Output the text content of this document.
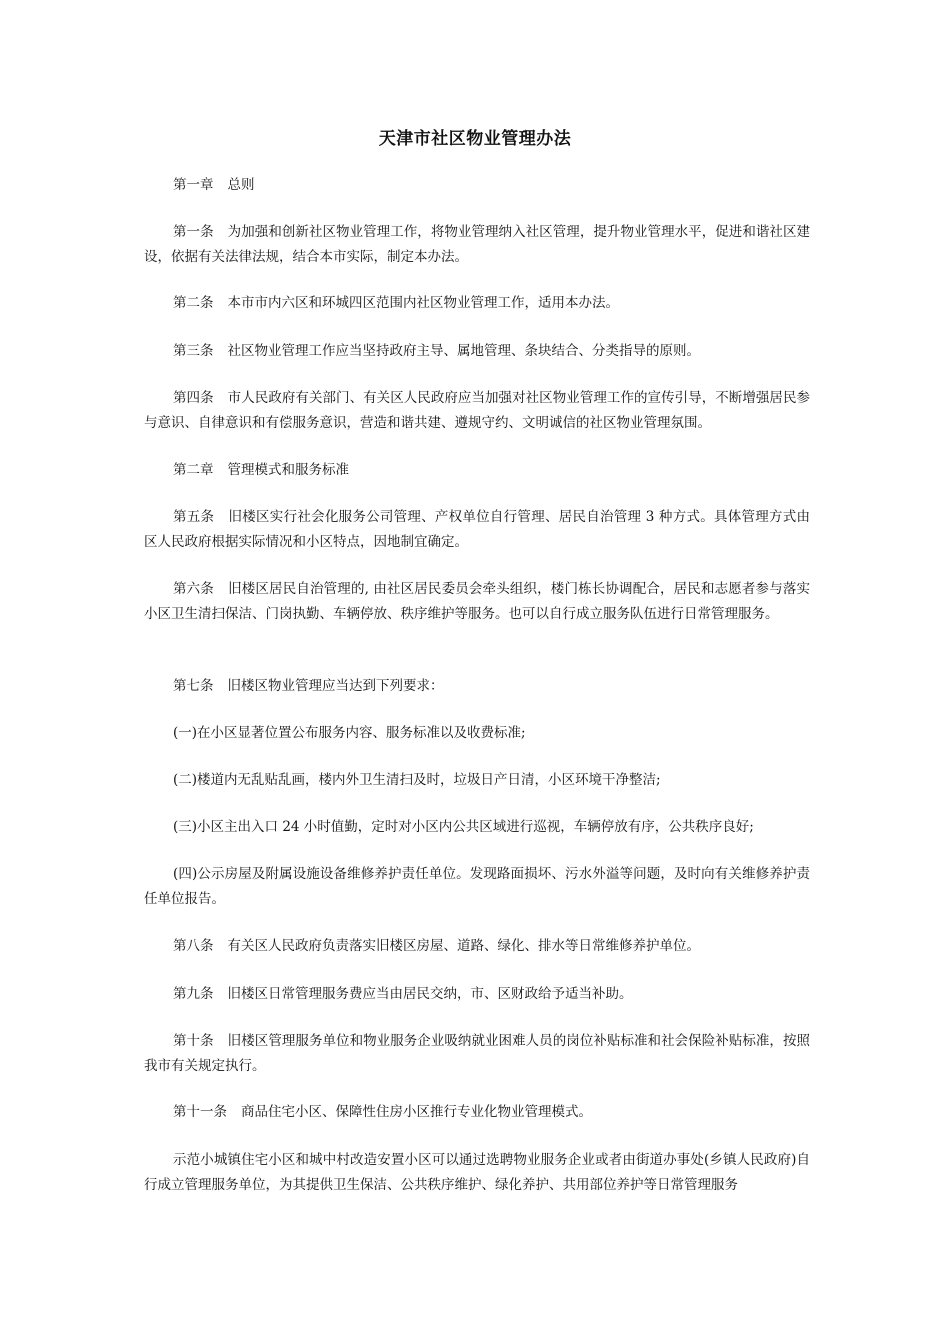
天津市社区物业管理办法

第一章 总则

第一条 为加强和创新社区物业管理工作，将物业管理纳入社区管理，提升物业管理水平，促进和谐社区建设，依据有关法律法规，结合本市实际，制定本办法。

第二条 本市市内六区和环城四区范围内社区物业管理工作，适用本办法。

第三条 社区物业管理工作应当坚持政府主导、属地管理、条块结合、分类指导的原则。

第四条 市人民政府有关部门、有关区人民政府应当加强对社区物业管理工作的宣传引导，不断增强居民参与意识、自律意识和有偿服务意识，营造和谐共建、遵规守约、文明诚信的社区物业管理氛围。

第二章 管理模式和服务标准

第五条 旧楼区实行社会化服务公司管理、产权单位自行管理、居民自治管理 3 种方式。具体管理方式由区人民政府根据实际情况和小区特点，因地制宜确定。

第六条 旧楼区居民自治管理的, 由社区居民委员会牵头组织，楼门栋长协调配合，居民和志愿者参与落实小区卫生清扫保洁、门岗执勤、车辆停放、秩序维护等服务。也可以自行成立服务队伍进行日常管理服务。

第七条 旧楼区物业管理应当达到下列要求：

(一)在小区显著位置公布服务内容、服务标准以及收费标准;

(二)楼道内无乱贴乱画，楼内外卫生清扫及时，垃圾日产日清，小区环境干净整洁;

(三)小区主出入口 24 小时值勤，定时对小区内公共区域进行巡视，车辆停放有序，公共秩序良好;

(四)公示房屋及附属设施设备维修养护责任单位。发现路面损坏、污水外溢等问题，及时向有关维修养护责任单位报告。

第八条 有关区人民政府负责落实旧楼区房屋、道路、绿化、排水等日常维修养护单位。

第九条 旧楼区日常管理服务费应当由居民交纳，市、区财政给予适当补助。

第十条 旧楼区管理服务单位和物业服务企业吸纳就业困难人员的岗位补贴标准和社会保险补贴标准，按照我市有关规定执行。

第十一条 商品住宅小区、保障性住房小区推行专业化物业管理模式。

示范小城镇住宅小区和城中村改造安置小区可以通过选聘物业服务企业或者由街道办事处(乡镇人民政府)自行成立管理服务单位，为其提供卫生保洁、公共秩序维护、绿化养护、共用部位养护等日常管理服务
